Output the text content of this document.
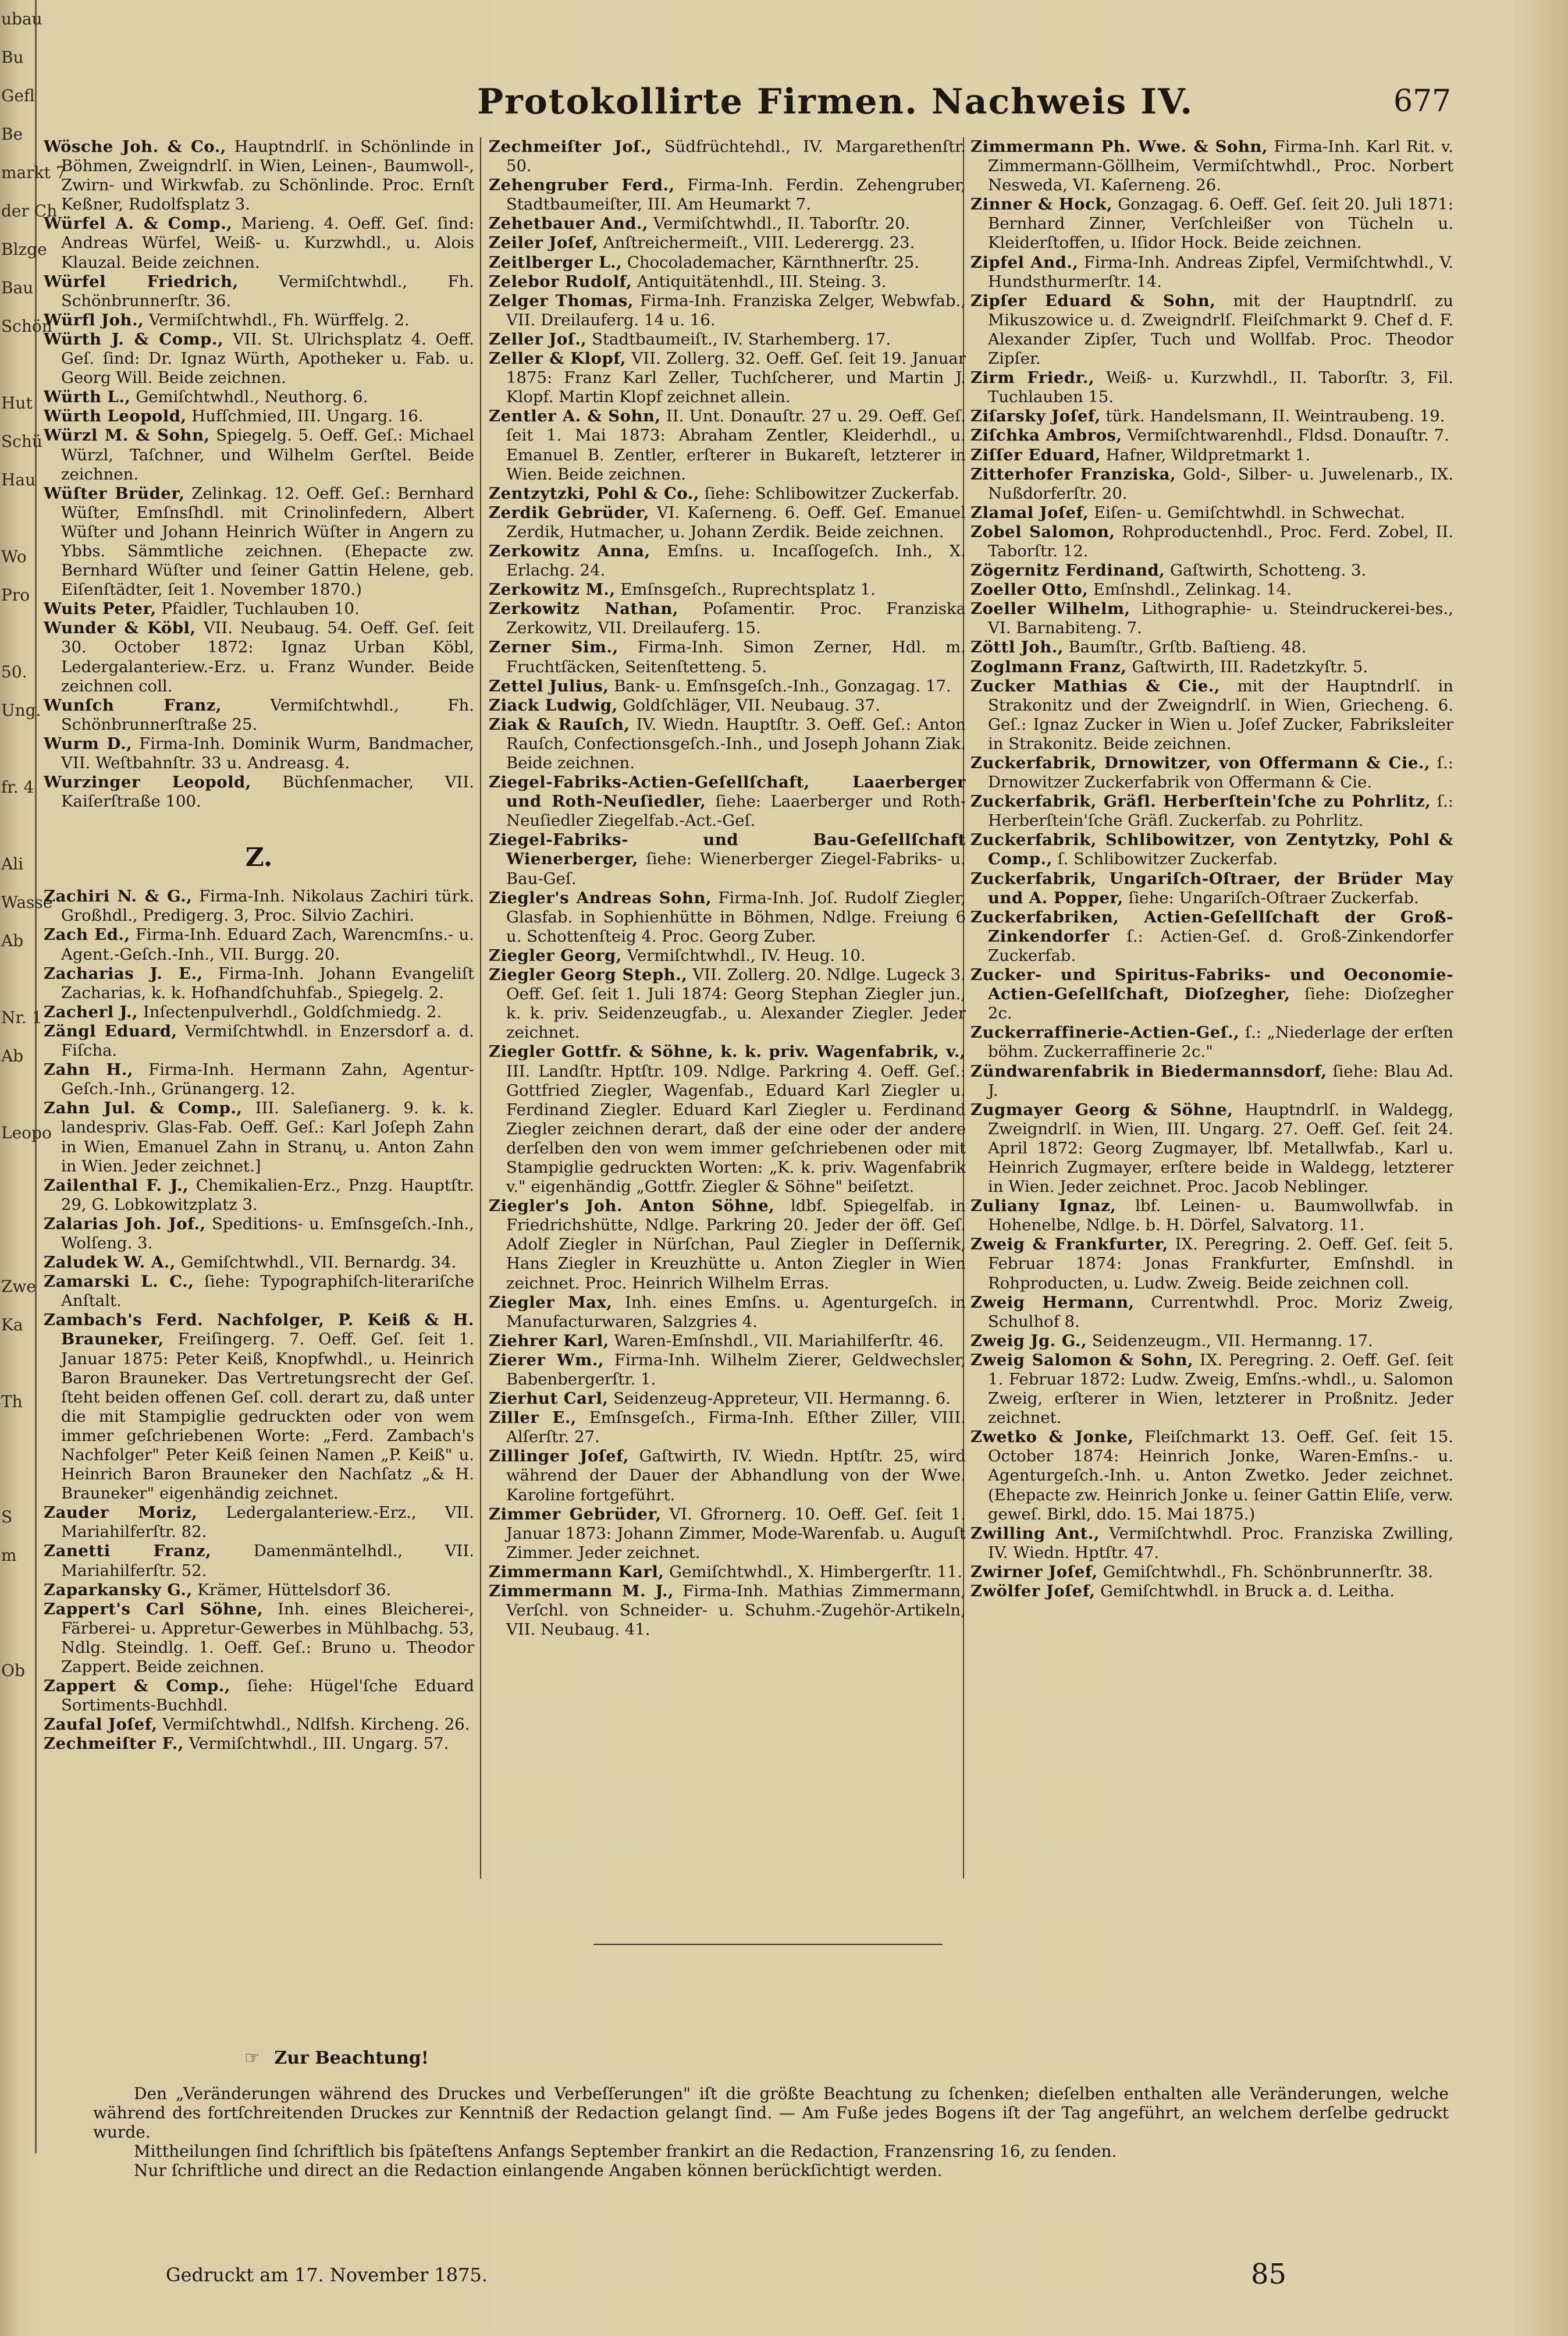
ubau
Bu
Gefl
Be
markt 7
der Ch
Blzge
Bau
Schön

Hut
Schü
Hau

Wo
Pro

50.
Ung.

fr. 4

Ali
Wasse
Ab

Nr. 1
Ab

Leopo

Zwe
Ka

Th

S
m

Ob

Protokollirte Firmen. Nachweis IV.	677
Wösche Joh. & Co., Hauptndrlſ. in Schönlinde in Böhmen, Zweigndrlſ. in Wien, Leinen-, Baumwoll-, Zwirn- und Wirkwfab. zu Schönlinde. Proc. Ernſt Keßner, Rudolfsplatz 3.
Würfel A. & Comp., Marieng. 4. Oeff. Geſ. ſind: Andreas Würfel, Weiß- u. Kurzwhdl., u. Alois Klauzal. Beide zeichnen.
Würfel Friedrich, Vermiſchtwhdl., Fh. Schönbrunnerſtr. 36.
Würfl Joh., Vermiſchtwhdl., Fh. Würffelg. 2.
Würth J. & Comp., VII. St. Ulrichsplatz 4. Oeff. Geſ. ſind: Dr. Ignaz Würth, Apotheker u. Fab. u. Georg Will. Beide zeichnen.
Würth L., Gemiſchtwhdl., Neuthorg. 6.
Würth Leopold, Hufſchmied, III. Ungarg. 16.
Würzl M. & Sohn, Spiegelg. 5. Oeff. Geſ.: Michael Würzl, Taſchner, und Wilhelm Gerſtel. Beide zeichnen.
Wüſter Brüder, Zelinkag. 12. Oeff. Geſ.: Bernhard Wüſter, Emſnsſhdl. mit Crinolinfedern, Albert Wüſter und Johann Heinrich Wüſter in Angern zu Ybbs. Sämmtliche zeichnen. (Ehepacte zw. Bernhard Wüſter und ſeiner Gattin Helene, geb. Eiſenſtädter, ſeit 1. November 1870.)
Wuits Peter, Pfaidler, Tuchlauben 10.
Wunder & Köbl, VII. Neubaug. 54. Oeff. Geſ. ſeit 30. October 1872: Ignaz Urban Köbl, Ledergalanteriew.-Erz. u. Franz Wunder. Beide zeichnen coll.
Wunſch Franz, Vermiſchtwhdl., Fh. Schönbrunnerſtraße 25.
Wurm D., Firma-Inh. Dominik Wurm, Bandmacher, VII. Weſtbahnſtr. 33 u. Andreasg. 4.
Wurzinger Leopold, Büchſenmacher, VII. Kaiſerſtraße 100.
Z.
Zachiri N. & G., Firma-Inh. Nikolaus Zachiri türk. Großhdl., Predigerg. 3, Proc. Silvio Zachiri.
Zach Ed., Firma-Inh. Eduard Zach, Warencmſns.- u. Agent.-Geſch.-Inh., VII. Burgg. 20.
Zacharias J. E., Firma-Inh. Johann Evangeliſt Zacharias, k. k. Hofhandſchuhfab., Spiegelg. 2.
Zacherl J., Inſectenpulverhdl., Goldſchmiedg. 2.
Zängl Eduard, Vermiſchtwhdl. in Enzersdorf a. d. Fiſcha.
Zahn H., Firma-Inh. Hermann Zahn, Agentur-Geſch.-Inh., Grünangerg. 12.
Zahn Jul. & Comp., III. Saleſianerg. 9. k. k. landespriv. Glas-Fab. Oeff. Geſ.: Karl Joſeph Zahn in Wien, Emanuel Zahn in Stranų, u. Anton Zahn in Wien. Jeder zeichnet.]
Zailenthal F. J., Chemikalien-Erz., Pnzg. Hauptſtr. 29, G. Lobkowitzplatz 3.
Zalarias Joh. Jof., Speditions- u. Emſnsgeſch.-Inh., Wolſeng. 3.
Zaludek W. A., Gemiſchtwhdl., VII. Bernardg. 34.
Zamarski L. C., ſiehe: Typographiſch-literariſche Anſtalt.
Zambach's Ferd. Nachfolger, P. Keiß & H. Brauneker, Freiſingerg. 7. Oeff. Geſ. ſeit 1. Januar 1875: Peter Keiß, Knopfwhdl., u. Heinrich Baron Brauneker. Das Vertretungsrecht der Geſ. ſteht beiden offenen Geſ. coll. derart zu, daß unter die mit Stampiglie gedruckten oder von wem immer geſchriebenen Worte: „Ferd. Zambach's Nachfolger" Peter Keiß ſeinen Namen „P. Keiß" u. Heinrich Baron Brauneker den Nachſatz „& H. Brauneker" eigenhändig zeichnet.
Zauder Moriz, Ledergalanteriew.-Erz., VII. Mariahilferſtr. 82.
Zanetti Franz, Damenmäntelhdl., VII. Mariahilferſtr. 52.
Zaparkansky G., Krämer, Hüttelsdorf 36.
Zappert's Carl Söhne, Inh. eines Bleicherei-, Färberei- u. Appretur-Gewerbes in Mühlbachg. 53, Ndlg. Steindlg. 1. Oeff. Geſ.: Bruno u. Theodor Zappert. Beide zeichnen.
Zappert & Comp., ſiehe: Hügel'ſche Eduard Sortiments-Buchhdl.
Zaufal Joſef, Vermiſchtwhdl., Ndlfsh. Kircheng. 26.
Zechmeiſter F., Vermiſchtwhdl., III. Ungarg. 57.
Zechmeiſter Joſ., Südfrüchtehdl., IV. Margarethenſtr. 50.
Zehengruber Ferd., Firma-Inh. Ferdin. Zehengruber, Stadtbaumeiſter, III. Am Heumarkt 7.
Zehetbauer And., Vermiſchtwhdl., II. Taborſtr. 20.
Zeiler Joſef, Anſtreichermeiſt., VIII. Lederergg. 23.
Zeitlberger L., Chocolademacher, Kärnthnerſtr. 25.
Zelebor Rudolf, Antiquitätenhdl., III. Steing. 3.
Zelger Thomas, Firma-Inh. Franziska Zelger, Webwfab., VII. Dreilauferg. 14 u. 16.
Zeller Joſ., Stadtbaumeiſt., IV. Starhemberg. 17.
Zeller & Klopf, VII. Zollerg. 32. Oeff. Geſ. ſeit 19. Januar 1875: Franz Karl Zeller, Tuchſcherer, und Martin J. Klopf. Martin Klopf zeichnet allein.
Zentler A. & Sohn, II. Unt. Donauſtr. 27 u. 29. Oeff. Geſ. ſeit 1. Mai 1873: Abraham Zentler, Kleiderhdl., u. Emanuel B. Zentler, erſterer in Bukareſt, letzterer in Wien. Beide zeichnen.
Zentzytzki, Pohl & Co., ſiehe: Schlibowitzer Zuckerfab.
Zerdik Gebrüder, VI. Kaſerneng. 6. Oeff. Geſ. Emanuel Zerdik, Hutmacher, u. Johann Zerdik. Beide zeichnen.
Zerkowitz Anna, Emſns. u. Incaſſogeſch. Inh., X. Erlachg. 24.
Zerkowitz M., Emſnsgeſch., Ruprechtsplatz 1.
Zerkowitz Nathan, Poſamentir. Proc. Franziska Zerkowitz, VII. Dreilauferg. 15.
Zerner Sim., Firma-Inh. Simon Zerner, Hdl. m. Fruchtſäcken, Seitenſtetteng. 5.
Zettel Julius, Bank- u. Emſnsgeſch.-Inh., Gonzagag. 17.
Ziack Ludwig, Goldſchläger, VII. Neubaug. 37.
Ziak & Rauſch, IV. Wiedn. Hauptſtr. 3. Oeff. Geſ.: Anton Rauſch, Confectionsgeſch.-Inh., und Joseph Johann Ziak. Beide zeichnen.
Ziegel-Fabriks-Actien-Geſellſchaft, Laaerberger und Roth-Neuſiedler, ſiehe: Laaerberger und Roth-Neuſiedler Ziegelfab.-Act.-Geſ.
Ziegel-Fabriks- und Bau-Geſellſchaft Wienerberger, ſiehe: Wienerberger Ziegel-Fabriks- u. Bau-Geſ.
Ziegler's Andreas Sohn, Firma-Inh. Joſ. Rudolf Ziegler, Glasfab. in Sophienhütte in Böhmen, Ndlge. Freiung 6 u. Schottenſteig 4. Proc. Georg Zuber.
Ziegler Georg, Vermiſchtwhdl., IV. Heug. 10.
Ziegler Georg Steph., VII. Zollerg. 20. Ndlge. Lugeck 3. Oeff. Geſ. ſeit 1. Juli 1874: Georg Stephan Ziegler jun., k. k. priv. Seidenzeugfab., u. Alexander Ziegler. Jeder zeichnet.
Ziegler Gottfr. & Söhne, k. k. priv. Wagenfabrik, v., III. Landſtr. Hptſtr. 109. Ndlge. Parkring 4. Oeff. Geſ.: Gottfried Ziegler, Wagenfab., Eduard Karl Ziegler u. Ferdinand Ziegler. Eduard Karl Ziegler u. Ferdinand Ziegler zeichnen derart, daß der eine oder der andere derſelben den von wem immer geſchriebenen oder mit Stampiglie gedruckten Worten: „K. k. priv. Wagenfabrik v." eigenhändig „Gottfr. Ziegler & Söhne" beiſetzt.
Ziegler's Joh. Anton Söhne, ldbf. Spiegelfab. in Friedrichshütte, Ndlge. Parkring 20. Jeder der öff. Geſ. Adolf Ziegler in Nürſchan, Paul Ziegler in Deſſernik, Hans Ziegler in Kreuzhütte u. Anton Ziegler in Wien zeichnet. Proc. Heinrich Wilhelm Erras.
Ziegler Max, Inh. eines Emſns. u. Agenturgeſch. in Manufacturwaren, Salzgries 4.
Ziehrer Karl, Waren-Emſnshdl., VII. Mariahilferſtr. 46.
Zierer Wm., Firma-Inh. Wilhelm Zierer, Geldwechsler, Babenbergerſtr. 1.
Zierhut Carl, Seidenzeug-Appreteur, VII. Hermanng. 6.
Ziller E., Emſnsgeſch., Firma-Inh. Eſther Ziller, VIII. Alſerſtr. 27.
Zillinger Joſef, Gaſtwirth, IV. Wiedn. Hptſtr. 25, wird während der Dauer der Abhandlung von der Wwe. Karoline fortgeführt.
Zimmer Gebrüder, VI. Gfrornerg. 10. Oeff. Geſ. ſeit 1. Januar 1873: Johann Zimmer, Mode-Warenfab. u. Auguſt Zimmer. Jeder zeichnet.
Zimmermann Karl, Gemiſchtwhdl., X. Himbergerſtr. 11.
Zimmermann M. J., Firma-Inh. Mathias Zimmermann, Verſchl. von Schneider- u. Schuhm.-Zugehör-Artikeln, VII. Neubaug. 41.
Zimmermann Ph. Wwe. & Sohn, Firma-Inh. Karl Rit. v. Zimmermann-Göllheim, Vermiſchtwhdl., Proc. Norbert Nesweda, VI. Kaſerneng. 26.
Zinner & Hock, Gonzagag. 6. Oeff. Geſ. ſeit 20. Juli 1871: Bernhard Zinner, Verſchleißer von Tücheln u. Kleiderſtoffen, u. Iſidor Hock. Beide zeichnen.
Zipfel And., Firma-Inh. Andreas Zipfel, Vermiſchtwhdl., V. Hundsthurmerſtr. 14.
Zipſer Eduard & Sohn, mit der Hauptndrlſ. zu Mikuszowice u. d. Zweigndrlſ. Fleiſchmarkt 9. Chef d. F. Alexander Zipſer, Tuch und Wollfab. Proc. Theodor Zipſer.
Zirm Friedr., Weiß- u. Kurzwhdl., II. Taborſtr. 3, Fil. Tuchlauben 15.
Ziſarsky Joſef, türk. Handelsmann, II. Weintraubeng. 19.
Ziſchka Ambros, Vermiſchtwarenhdl., Fldsd. Donauſtr. 7.
Ziſſer Eduard, Hafner, Wildpretmarkt 1.
Zitterhofer Franziska, Gold-, Silber- u. Juwelenarb., IX. Nußdorferſtr. 20.
Zlamal Joſef, Eiſen- u. Gemiſchtwhdl. in Schwechat.
Zobel Salomon, Rohproductenhdl., Proc. Ferd. Zobel, II. Taborſtr. 12.
Zögernitz Ferdinand, Gaſtwirth, Schotteng. 3.
Zoeller Otto, Emſnshdl., Zelinkag. 14.
Zoeller Wilhelm, Lithographie- u. Steindruckerei-bes., VI. Barnabiteng. 7.
Zöttl Joh., Baumſtr., Grſtb. Baſtieng. 48.
Zoglmann Franz, Gaſtwirth, III. Radetzkyſtr. 5.
Zucker Mathias & Cie., mit der Hauptndrlſ. in Strakonitz und der Zweigndrlſ. in Wien, Griecheng. 6. Geſ.: Ignaz Zucker in Wien u. Joſef Zucker, Fabriksleiter in Strakonitz. Beide zeichnen.
Zuckerfabrik, Drnowitzer, von Offermann & Cie., ſ.: Drnowitzer Zuckerfabrik von Offermann & Cie.
Zuckerfabrik, Gräfl. Herberſtein'ſche zu Pohrlitz, ſ.: Herberſtein'ſche Gräfl. Zuckerfab. zu Pohrlitz.
Zuckerfabrik, Schlibowitzer, von Zentytzky, Pohl & Comp., ſ. Schlibowitzer Zuckerfab.
Zuckerfabrik, Ungariſch-Oſtraer, der Brüder May und A. Popper, ſiehe: Ungariſch-Oſtraer Zuckerfab.
Zuckerfabriken, Actien-Geſellſchaft der Groß-Zinkendorfer ſ.: Actien-Geſ. d. Groß-Zinkendorfer Zuckerfab.
Zucker- und Spiritus-Fabriks- und Oeconomie-Actien-Geſellſchaft, Dioſzegher, ſiehe: Dioſzegher 2c.
Zuckerraffinerie-Actien-Geſ., ſ.: „Niederlage der erſten böhm. Zuckerraffinerie 2c."
Zündwarenfabrik in Biedermannsdorf, ſiehe: Blau Ad. J.
Zugmayer Georg & Söhne, Hauptndrlſ. in Waldegg, Zweigndrlſ. in Wien, III. Ungarg. 27. Oeff. Geſ. ſeit 24. April 1872: Georg Zugmayer, lbf. Metallwfab., Karl u. Heinrich Zugmayer, erſtere beide in Waldegg, letzterer in Wien. Jeder zeichnet. Proc. Jacob Neblinger.
Zuliany Ignaz, lbf. Leinen- u. Baumwollwfab. in Hohenelbe, Ndlge. b. H. Dörfel, Salvatorg. 11.
Zweig & Frankfurter, IX. Peregring. 2. Oeff. Geſ. ſeit 5. Februar 1874: Jonas Frankfurter, Emſnshdl. in Rohproducten, u. Ludw. Zweig. Beide zeichnen coll.
Zweig Hermann, Currentwhdl. Proc. Moriz Zweig, Schulhof 8.
Zweig Jg. G., Seidenzeugm., VII. Hermanng. 17.
Zweig Salomon & Sohn, IX. Peregring. 2. Oeff. Geſ. ſeit 1. Februar 1872: Ludw. Zweig, Emſns.-whdl., u. Salomon Zweig, erſterer in Wien, letzterer in Proßnitz. Jeder zeichnet.
Zwetko & Jonke, Fleiſchmarkt 13. Oeff. Geſ. ſeit 15. October 1874: Heinrich Jonke, Waren-Emſns.- u. Agenturgeſch.-Inh. u. Anton Zwetko. Jeder zeichnet. (Ehepacte zw. Heinrich Jonke u. ſeiner Gattin Eliſe, verw. geweſ. Birkl, ddo. 15. Mai 1875.)
Zwilling Ant., Vermiſchtwhdl. Proc. Franziska Zwilling, IV. Wiedn. Hptſtr. 47.
Zwirner Joſef, Gemiſchtwhdl., Fh. Schönbrunnerſtr. 38.
Zwölfer Joſef, Gemiſchtwhdl. in Bruck a. d. Leitha.
☞ Zur Beachtung!

Den „Veränderungen während des Druckes und Verbeſſerungen" iſt die größte Beachtung zu ſchenken; dieſelben enthalten alle Veränderungen, welche während des fortſchreitenden Druckes zur Kenntniß der Redaction gelangt ſind. — Am Fuße jedes Bogens iſt der Tag angeführt, an welchem derſelbe gedruckt wurde.

Mittheilungen ſind ſchriftlich bis ſpäteſtens Anfangs September frankirt an die Redaction, Franzensring 16, zu ſenden.

Nur ſchriftliche und direct an die Redaction einlangende Angaben können berückſichtigt werden.

Gedruckt am 17. November 1875.	85
